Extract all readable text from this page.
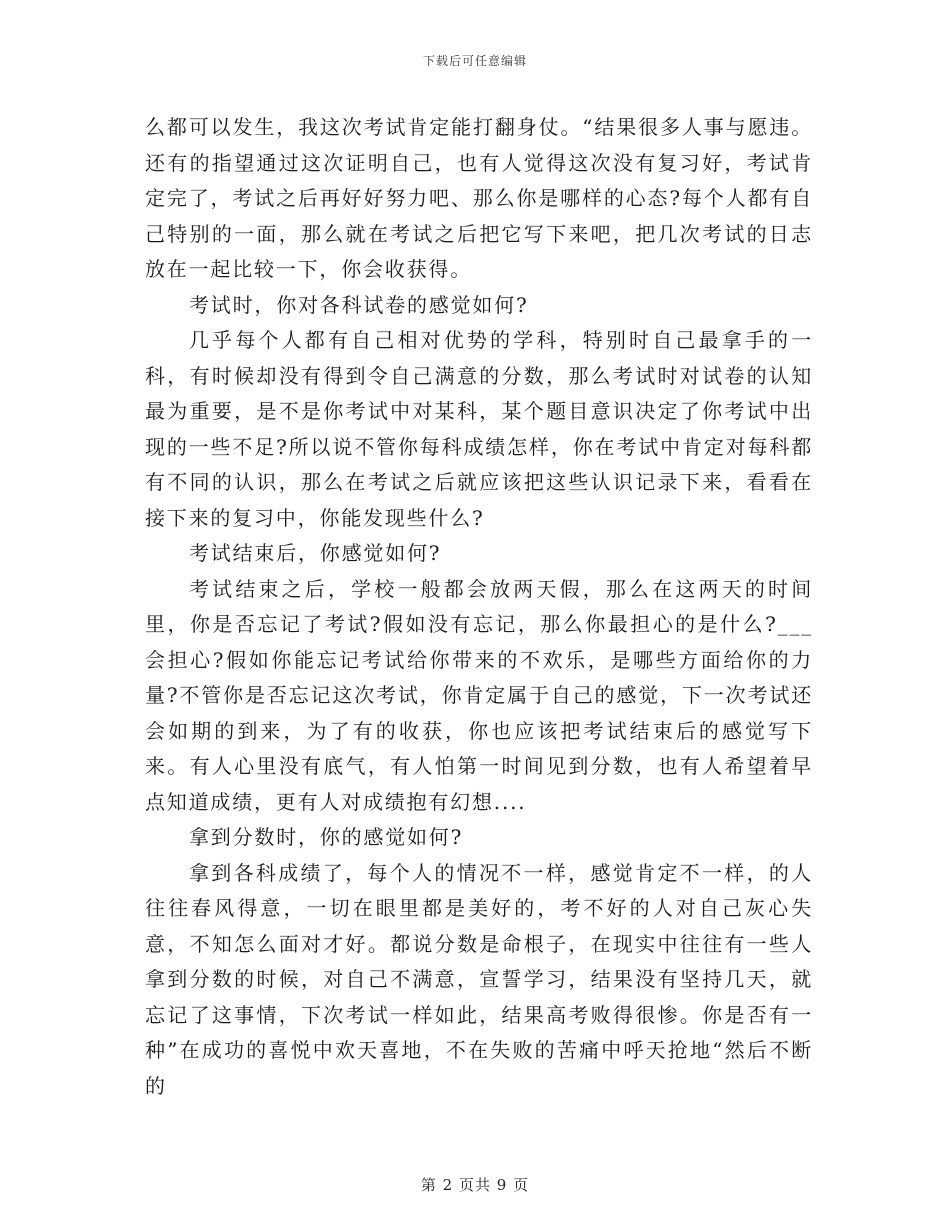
下载后可任意编辑

么都可以发生，我这次考试肯定能打翻身仗。“结果很多人事与愿违。还有的指望通过这次证明自己，也有人觉得这次没有复习好，考试肯定完了，考试之后再好好努力吧、那么你是哪样的心态?每个人都有自己特别的一面，那么就在考试之后把它写下来吧，把几次考试的日志放在一起比较一下，你会收获得。

考试时，你对各科试卷的感觉如何?

几乎每个人都有自己相对优势的学科，特别时自己最拿手的一科，有时候却没有得到令自己满意的分数，那么考试时对试卷的认知最为重要，是不是你考试中对某科，某个题目意识决定了你考试中出现的一些不足?所以说不管你每科成绩怎样，你在考试中肯定对每科都有不同的认识，那么在考试之后就应该把这些认识记录下来，看看在接下来的复习中，你能发现些什么?

考试结束后，你感觉如何?

考试结束之后，学校一般都会放两天假，那么在这两天的时间里，你是否忘记了考试?假如没有忘记，那么你最担心的是什么?___会担心?假如你能忘记考试给你带来的不欢乐，是哪些方面给你的力量?不管你是否忘记这次考试，你肯定属于自己的感觉，下一次考试还会如期的到来，为了有的收获，你也应该把考试结束后的感觉写下来。有人心里没有底气，有人怕第一时间见到分数，也有人希望着早点知道成绩，更有人对成绩抱有幻想....

拿到分数时，你的感觉如何?

拿到各科成绩了，每个人的情况不一样，感觉肯定不一样，的人往往春风得意，一切在眼里都是美好的，考不好的人对自己灰心失意，不知怎么面对才好。都说分数是命根子，在现实中往往有一些人拿到分数的时候，对自己不满意，宣誓学习，结果没有坚持几天，就忘记了这事情，下次考试一样如此，结果高考败得很惨。你是否有一种”在成功的喜悦中欢天喜地，不在失败的苦痛中呼天抢地“然后不断的

第 2 页共 9 页
